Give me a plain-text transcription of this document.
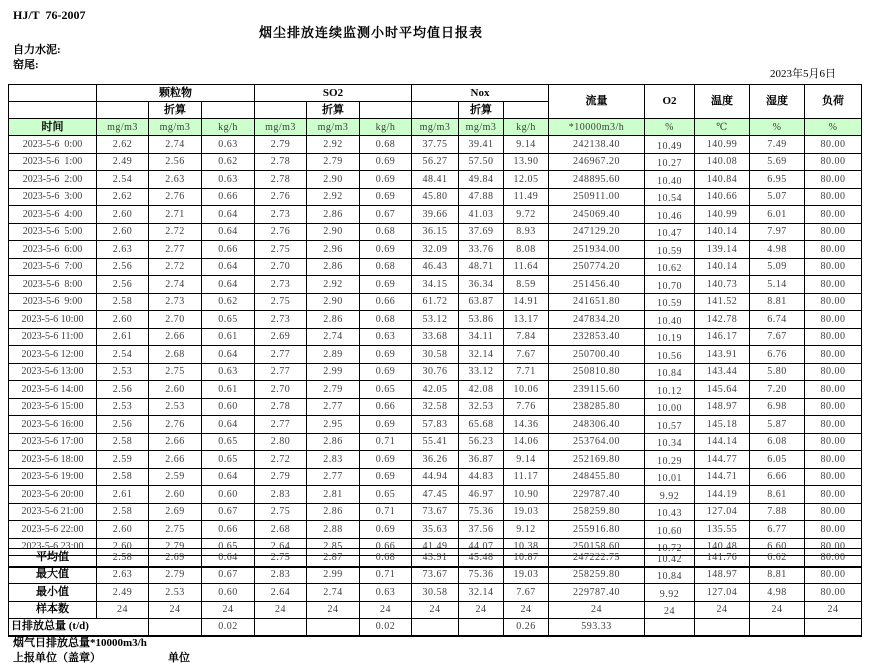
HJ/T  76-2007
烟尘排放连续监测小时平均值日报表
自力水泥:
窑尾:
2023年5月6日
	颗粒物			SO2			Nox			流量	O2	温度	湿度	负荷
		折算			折算			折算						
时间	mg/m3	mg/m3	kg/h	mg/m3	mg/m3	kg/h	mg/m3	mg/m3	kg/h	*10000m3/h	%	℃	%	%
2023-5-6  0:00	2.62	2.74	0.63	2.79	2.92	0.68	37.75	39.41	9.14	242138.40	10.49	140.99	7.49	80.00
2023-5-6  1:00	2.49	2.56	0.62	2.78	2.79	0.69	56.27	57.50	13.90	246967.20	10.27	140.08	5.69	80.00
2023-5-6  2:00	2.54	2.63	0.63	2.78	2.90	0.69	48.41	49.84	12.05	248895.60	10.40	140.84	6.95	80.00
2023-5-6  3:00	2.62	2.76	0.66	2.76	2.92	0.69	45.80	47.88	11.49	250911.00	10.54	140.66	5.07	80.00
2023-5-6  4:00	2.60	2.71	0.64	2.73	2.86	0.67	39.66	41.03	9.72	245069.40	10.46	140.99	6.01	80.00
2023-5-6  5:00	2.60	2.72	0.64	2.76	2.90	0.68	36.15	37.69	8.93	247129.20	10.47	140.14	7.97	80.00
2023-5-6  6:00	2.63	2.77	0.66	2.75	2.96	0.69	32.09	33.76	8.08	251934.00	10.59	139.14	4.98	80.00
2023-5-6  7:00	2.56	2.72	0.64	2.70	2.86	0.68	46.43	48.71	11.64	250774.20	10.62	140.14	5.09	80.00
2023-5-6  8:00	2.56	2.74	0.64	2.73	2.92	0.69	34.15	36.34	8.59	251456.40	10.70	140.73	5.14	80.00
2023-5-6  9:00	2.58	2.73	0.62	2.75	2.90	0.66	61.72	63.87	14.91	241651.80	10.59	141.52	8.81	80.00
2023-5-6 10:00	2.60	2.70	0.65	2.73	2.86	0.68	53.12	53.86	13.17	247834.20	10.40	142.78	6.74	80.00
2023-5-6 11:00	2.61	2.66	0.61	2.69	2.74	0.63	33.68	34.11	7.84	232853.40	10.19	146.17	7.67	80.00
2023-5-6 12:00	2.54	2.68	0.64	2.77	2.89	0.69	30.58	32.14	7.67	250700.40	10.56	143.91	6.76	80.00
2023-5-6 13:00	2.53	2.75	0.63	2.77	2.99	0.69	30.76	33.12	7.71	250810.80	10.84	143.44	5.80	80.00
2023-5-6 14:00	2.56	2.60	0.61	2.70	2.79	0.65	42.05	42.08	10.06	239115.60	10.12	145.64	7.20	80.00
2023-5-6 15:00	2.53	2.53	0.60	2.78	2.77	0.66	32.58	32.53	7.76	238285.80	10.00	148.97	6.98	80.00
2023-5-6 16:00	2.56	2.76	0.64	2.77	2.95	0.69	57.83	65.68	14.36	248306.40	10.57	145.18	5.87	80.00
2023-5-6 17:00	2.58	2.66	0.65	2.80	2.86	0.71	55.41	56.23	14.06	253764.00	10.34	144.14	6.08	80.00
2023-5-6 18:00	2.59	2.66	0.65	2.72	2.83	0.69	36.26	36.87	9.14	252169.80	10.29	144.77	6.05	80.00
2023-5-6 19:00	2.58	2.59	0.64	2.79	2.77	0.69	44.94	44.83	11.17	248455.80	10.01	144.71	6.66	80.00
2023-5-6 20:00	2.61	2.60	0.60	2.83	2.81	0.65	47.45	46.97	10.90	229787.40	9.92	144.19	8.61	80.00
2023-5-6 21:00	2.58	2.69	0.67	2.75	2.86	0.71	73.67	75.36	19.03	258259.80	10.43	127.04	7.88	80.00
2023-5-6 22:00	2.60	2.75	0.66	2.68	2.88	0.69	35.63	37.56	9.12	255916.80	10.60	135.55	6.77	80.00
2023-5-6 23:00	2.60	2.79	0.65	2.64	2.85	0.66	41.49	44.07	10.38	250158.60	10.72	140.48	6.60	80.00

平均值	2.58	2.69	0.64	2.75	2.87	0.68	43.91	45.48	10.87	247222.75	10.42	141.76	6.62	80.00
最大值	2.63	2.79	0.67	2.83	2.99	0.71	73.67	75.36	19.03	258259.80	10.84	148.97	8.81	80.00
最小值	2.49	2.53	0.60	2.64	2.74	0.63	30.58	32.14	7.67	229787.40	9.92	127.04	4.98	80.00
样本数	24	24	24	24	24	24	24	24	24	24	24	24	24	24
日排放总量 (t/d)			0.02			0.02			0.26	593.33				
烟气日排放总量*10000m3/h
上报单位（盖章）	单位
